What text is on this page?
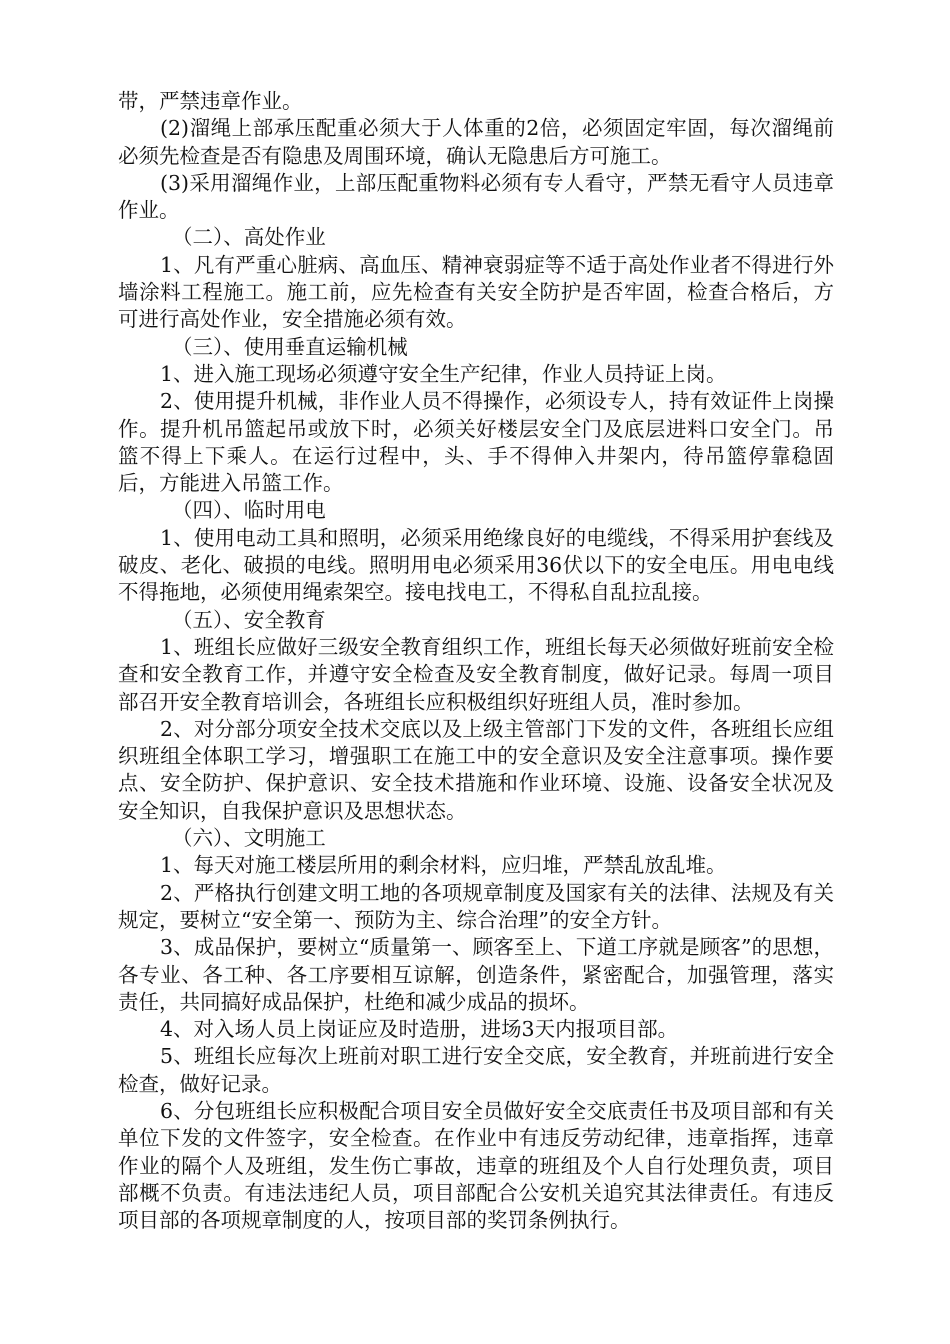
带，严禁违章作业。

(2)溜绳上部承压配重必须大于人体重的2倍，必须固定牢固，每次溜绳前必须先检查是否有隐患及周围环境，确认无隐患后方可施工。

(3)采用溜绳作业，上部压配重物料必须有专人看守，严禁无看守人员违章作业。

（二）、高处作业

1、凡有严重心脏病、高血压、精神衰弱症等不适于高处作业者不得进行外墙涂料工程施工。施工前，应先检查有关安全防护是否牢固，检查合格后，方可进行高处作业，安全措施必须有效。

（三）、使用垂直运输机械

1、进入施工现场必须遵守安全生产纪律，作业人员持证上岗。

2、使用提升机械，非作业人员不得操作，必须设专人，持有效证件上岗操作。提升机吊篮起吊或放下时，必须关好楼层安全门及底层进料口安全门。吊篮不得上下乘人。在运行过程中，头、手不得伸入井架内，待吊篮停靠稳固后，方能进入吊篮工作。

（四）、临时用电

1、使用电动工具和照明，必须采用绝缘良好的电缆线，不得采用护套线及破皮、老化、破损的电线。照明用电必须采用36伏以下的安全电压。用电电线不得拖地，必须使用绳索架空。接电找电工，不得私自乱拉乱接。

（五）、安全教育

1、班组长应做好三级安全教育组织工作，班组长每天必须做好班前安全检查和安全教育工作，并遵守安全检查及安全教育制度，做好记录。每周一项目部召开安全教育培训会，各班组长应积极组织好班组人员，准时参加。

2、对分部分项安全技术交底以及上级主管部门下发的文件，各班组长应组织班组全体职工学习，增强职工在施工中的安全意识及安全注意事项。操作要点、安全防护、保护意识、安全技术措施和作业环境、设施、设备安全状况及安全知识，自我保护意识及思想状态。

（六）、文明施工

1、每天对施工楼层所用的剩余材料，应归堆，严禁乱放乱堆。

2、严格执行创建文明工地的各项规章制度及国家有关的法律、法规及有关规定，要树立“安全第一、预防为主、综合治理”的安全方针。

3、成品保护，要树立“质量第一、顾客至上、下道工序就是顾客”的思想，各专业、各工种、各工序要相互谅解，创造条件，紧密配合，加强管理，落实责任，共同搞好成品保护，杜绝和减少成品的损坏。

4、对入场人员上岗证应及时造册，进场3天内报项目部。

5、班组长应每次上班前对职工进行安全交底，安全教育，并班前进行安全检查，做好记录。

6、分包班组长应积极配合项目安全员做好安全交底责任书及项目部和有关单位下发的文件签字，安全检查。在作业中有违反劳动纪律，违章指挥，违章作业的隔个人及班组，发生伤亡事故，违章的班组及个人自行处理负责，项目部概不负责。有违法违纪人员，项目部配合公安机关追究其法律责任。有违反项目部的各项规章制度的人，按项目部的奖罚条例执行。
